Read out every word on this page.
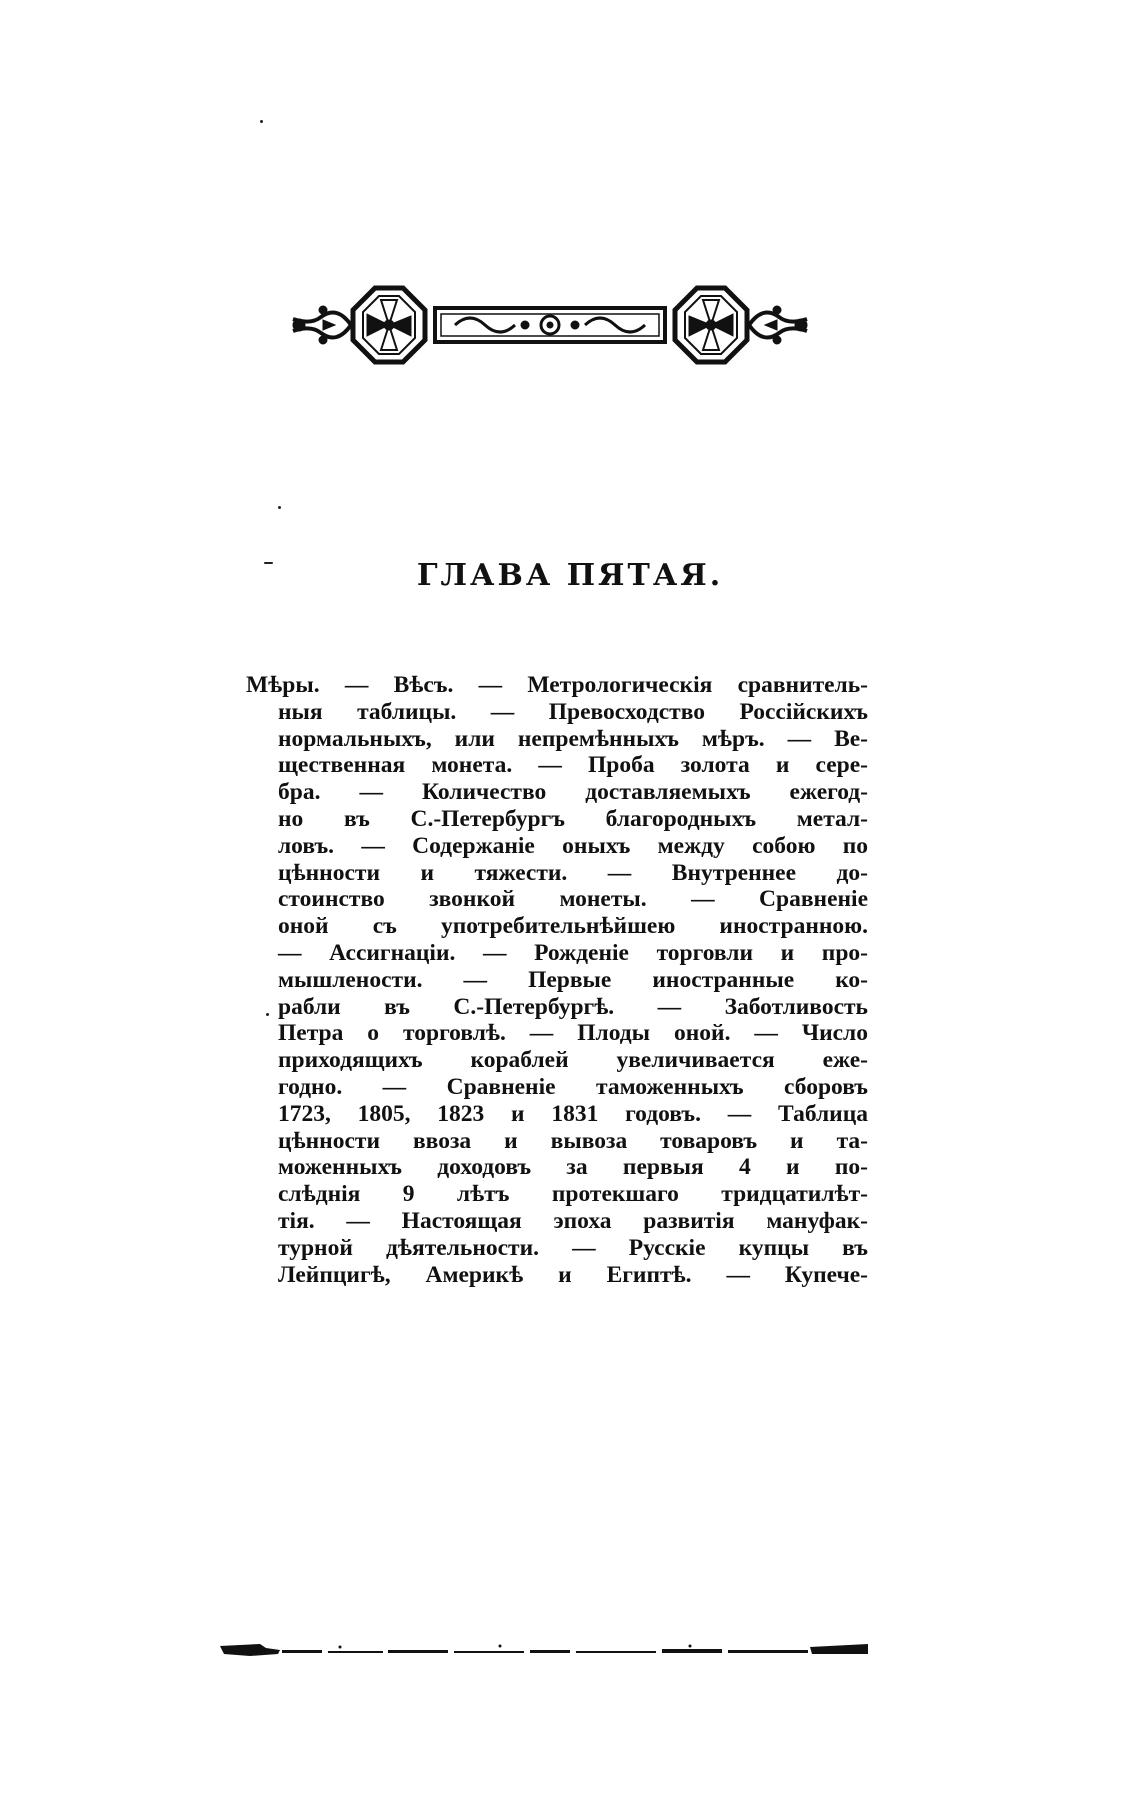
ГЛАВА ПЯТАЯ.
Мѣры. — Вѣсъ. — Метрологическія сравнитель-
ныя таблицы. — Превосходство Россійскихъ
нормальныхъ, или непремѣнныхъ мѣръ. — Ве-
щественная монета. — Проба золота и сере-
бра. — Количество доставляемыхъ ежегод-
но въ С.-Петербургъ благородныхъ метал-
ловъ. — Содержаніе оныхъ между собою по
цѣнности и тяжести. — Внутреннее до-
стоинство звонкой монеты. — Сравненіе
оной съ употребительнѣйшею иностранною.
— Ассигнаціи. — Рожденіе торговли и про-
мышлености. — Первые иностранные ко-
рабли въ С.-Петербургѣ. — Заботливость
Петра о торговлѣ. — Плоды оной. — Число
приходящихъ кораблей увеличивается еже-
годно. — Сравненіе таможенныхъ сборовъ
1723, 1805, 1823 и 1831 годовъ. — Таблица
цѣнности ввоза и вывоза товаровъ и та-
моженныхъ доходовъ за первыя 4 и по-
слѣднія 9 лѣтъ протекшаго тридцатилѣт-
тія. — Настоящая эпоха развитія мануфак-
турной дѣятельности. — Русскіе купцы въ
Лейпцигѣ, Америкѣ и Египтѣ. — Купече-
